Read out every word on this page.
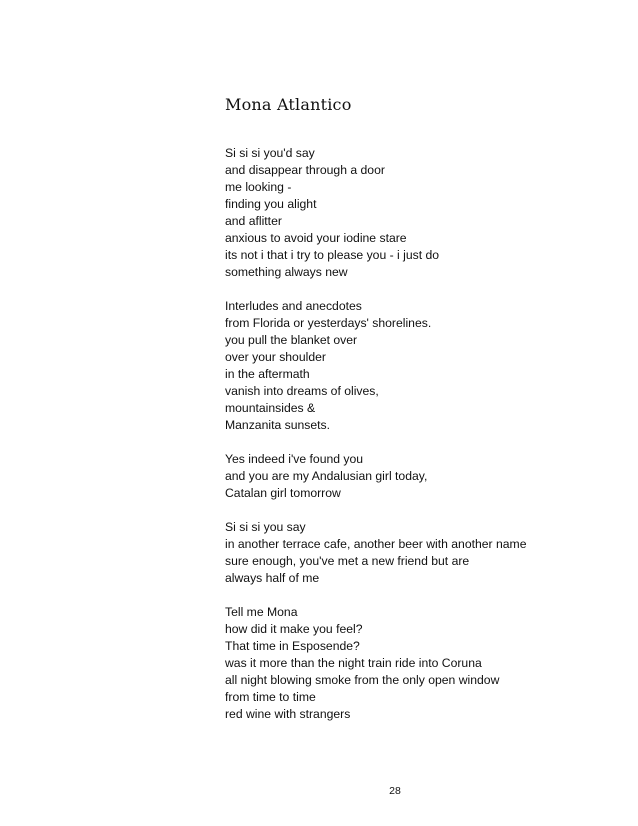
Mona Atlantico
Si si si you'd say
and disappear through a door
me looking -
finding you alight
and aflitter
anxious to avoid your iodine stare
its not i that i try to please you - i just do
something always new
Interludes and anecdotes
from Florida or yesterdays' shorelines.
you pull the blanket over
over your shoulder
in the aftermath
vanish into dreams of olives,
mountainsides &
Manzanita sunsets.
Yes indeed i've found you
and you are my Andalusian girl today,
Catalan girl tomorrow
Si si si you say
in another terrace cafe, another beer with another name
sure enough, you've met a new friend but are
always half of me
Tell me Mona
how did it make you feel?
That time in Esposende?
was it more than the night train ride into Coruna
all night blowing smoke from the only open window
from time to time
red wine with strangers
28
